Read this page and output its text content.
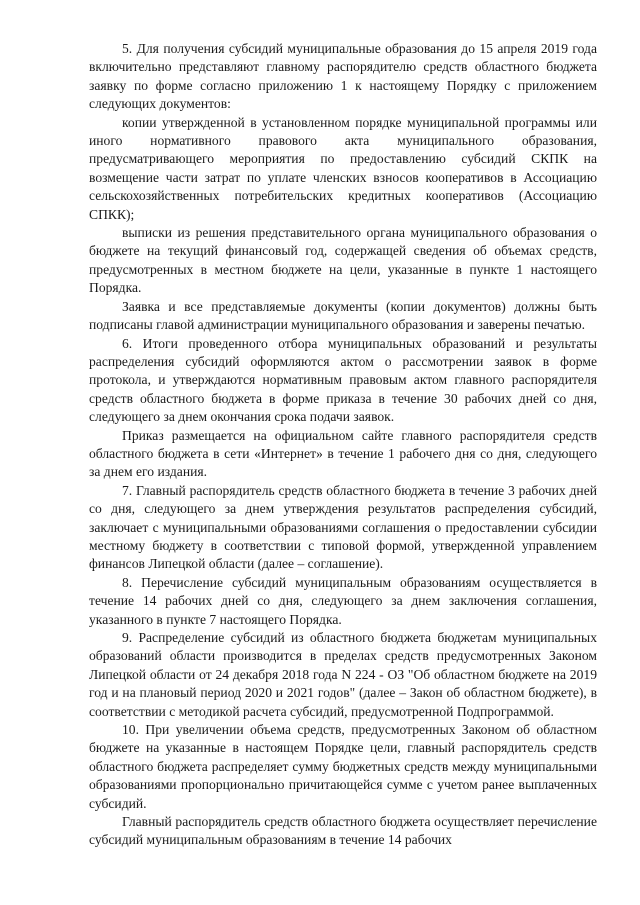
5. Для получения субсидий муниципальные образования до 15 апреля 2019 года включительно представляют главному распорядителю средств областного бюджета заявку по форме согласно приложению 1 к настоящему Порядку с приложением следующих документов:

копии утвержденной в установленном порядке муниципальной программы или иного нормативного правового акта муниципального образования, предусматривающего мероприятия по предоставлению субсидий СКПК на возмещение части затрат по уплате членских взносов кооперативов в Ассоциацию сельскохозяйственных потребительских кредитных кооперативов (Ассоциацию СПКК);

выписки из решения представительного органа муниципального образования о бюджете на текущий финансовый год, содержащей сведения об объемах средств, предусмотренных в местном бюджете на цели, указанные в пункте 1 настоящего Порядка.

Заявка и все представляемые документы (копии документов) должны быть подписаны главой администрации муниципального образования и заверены печатью.

6. Итоги проведенного отбора муниципальных образований и результаты распределения субсидий оформляются актом о рассмотрении заявок в форме протокола, и утверждаются нормативным правовым актом главного распорядителя средств областного бюджета в форме приказа в течение 30 рабочих дней со дня, следующего за днем окончания срока подачи заявок.

Приказ размещается на официальном сайте главного распорядителя средств областного бюджета в сети «Интернет» в течение 1 рабочего дня со дня, следующего за днем его издания.

7. Главный распорядитель средств областного бюджета в течение 3 рабочих дней со дня, следующего за днем утверждения результатов распределения субсидий, заключает с муниципальными образованиями соглашения о предоставлении субсидии местному бюджету в соответствии с типовой формой, утвержденной управлением финансов Липецкой области (далее – соглашение).

8. Перечисление субсидий муниципальным образованиям осуществляется в течение 14 рабочих дней со дня, следующего за днем заключения соглашения, указанного в пункте 7 настоящего Порядка.

9. Распределение субсидий из областного бюджета бюджетам муниципальных образований области производится в пределах средств предусмотренных Законом Липецкой области от 24 декабря 2018 года N 224 - ОЗ "Об областном бюджете на 2019 год и на плановый период 2020 и 2021 годов" (далее – Закон об областном бюджете), в соответствии с методикой расчета субсидий, предусмотренной Подпрограммой.

10. При увеличении объема средств, предусмотренных Законом об областном бюджете на указанные в настоящем Порядке цели, главный распорядитель средств областного бюджета распределяет сумму бюджетных средств между муниципальными образованиями пропорционально причитающейся сумме с учетом ранее выплаченных субсидий.

Главный распорядитель средств областного бюджета осуществляет перечисление субсидий муниципальным образованиям в течение 14 рабочих
